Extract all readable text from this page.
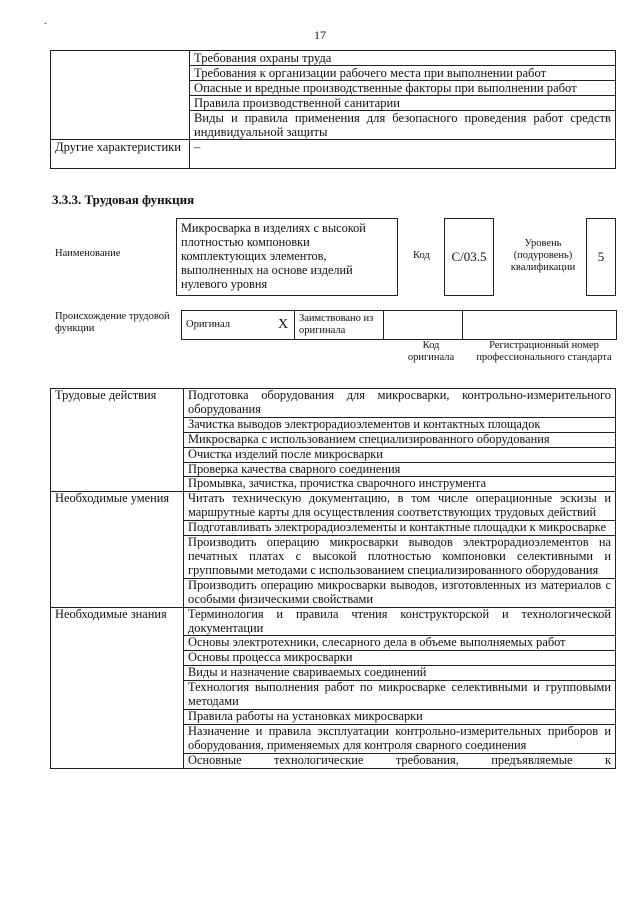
.
17
	Требования охраны труда
	Требования к организации рабочего места при выполнении работ
	Опасные и вредные производственные факторы при выполнении работ
	Правила производственной санитарии
	Виды и правила применения для безопасного проведения работ средств индивидуальной защиты
Другие характеристики	–
3.3.3. Трудовая функция
Наименование
Микросварка в изделиях с высокой плотностью компоновки комплектующих элементов, выполненных на основе изделий нулевого уровня
Код	C/03.5
Уровень (подуровень) квалификации
5
Происхождение трудовой функции	Оригинал	X	Заимствовано из оригинала		
Код оригинала
Регистрационный номер профессионального стандарта
Трудовые действия	Подготовка оборудования для микросварки, контрольно-измерительного оборудования
	Зачистка выводов электрорадиоэлементов и контактных площадок
	Микросварка с использованием специализированного оборудования
	Очистка изделий после микросварки
	Проверка качества сварного соединения
	Промывка, зачистка, прочистка сварочного инструмента
Необходимые умения	Читать техническую документацию, в том числе операционные эскизы и маршрутные карты для осуществления соответствующих трудовых действий
	Подготавливать электрорадиоэлементы и контактные площадки к микросварке
	Производить операцию микросварки выводов электрорадиоэлементов на печатных платах с высокой плотностью компоновки селективными и групповыми методами с использованием специализированного оборудования
	Производить операцию микросварки выводов, изготовленных из материалов с особыми физическими свойствами
Необходимые знания	Терминология и правила чтения конструкторской и технологической документации
	Основы электротехники, слесарного дела в объеме выполняемых работ
	Основы процесса микросварки
	Виды и назначение свариваемых соединений
	Технология выполнения работ по микросварке селективными и групповыми методами
	Правила работы на установках микросварки
	Назначение и правила эксплуатации контрольно-измерительных приборов и оборудования, применяемых для контроля сварного соединения
	Основные технологические требования, предъявляемые к
